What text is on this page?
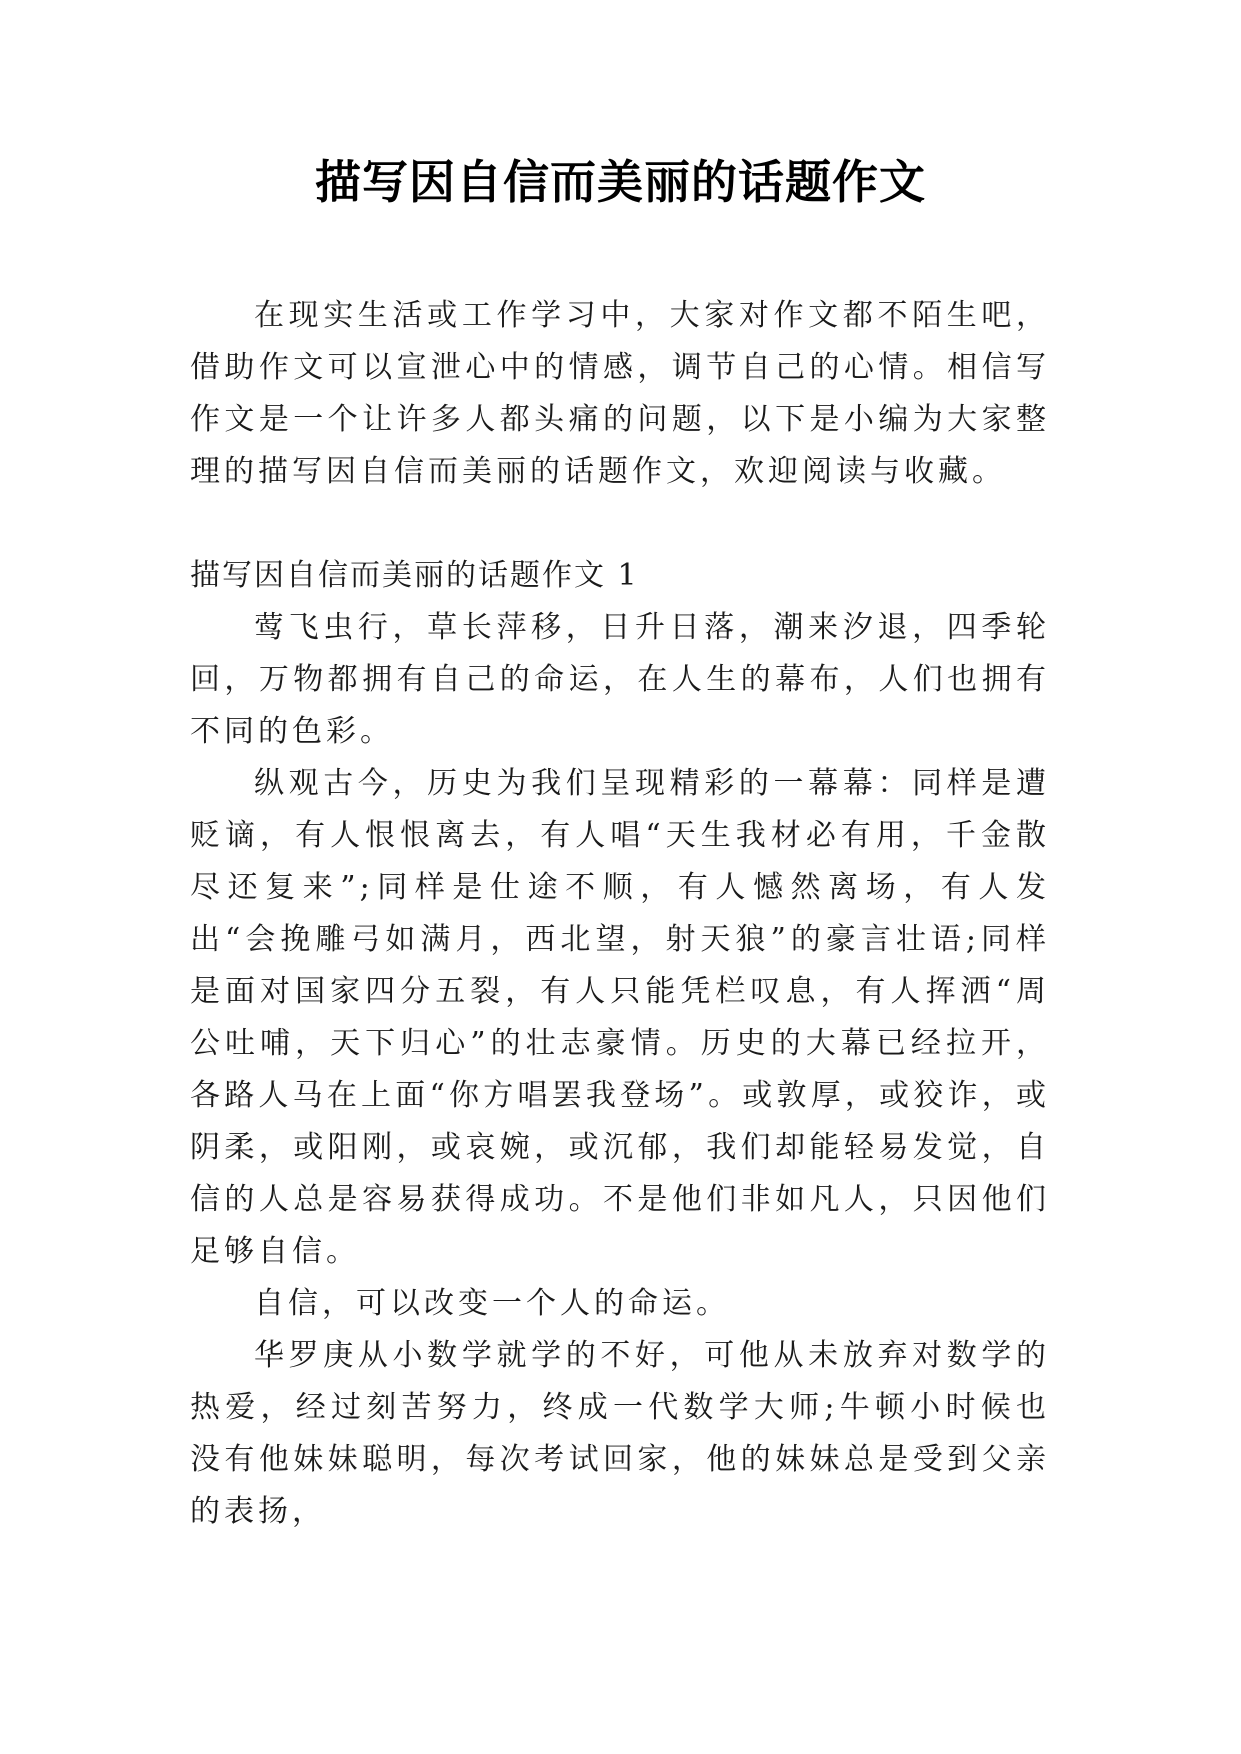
描写因自信而美丽的话题作文

在现实生活或工作学习中，大家对作文都不陌生吧，借助作文可以宣泄心中的情感，调节自己的心情。相信写作文是一个让许多人都头痛的问题，以下是小编为大家整理的描写因自信而美丽的话题作文，欢迎阅读与收藏。

描写因自信而美丽的话题作文 1

莺飞虫行，草长萍移，日升日落，潮来汐退，四季轮回，万物都拥有自己的命运，在人生的幕布，人们也拥有不同的色彩。

纵观古今，历史为我们呈现精彩的一幕幕：同样是遭贬谪，有人恨恨离去，有人唱“天生我材必有用，千金散尽还复来”;同样是仕途不顺，有人憾然离场，有人发出“会挽雕弓如满月，西北望，射天狼”的豪言壮语;同样是面对国家四分五裂，有人只能凭栏叹息，有人挥洒“周公吐哺，天下归心”的壮志豪情。历史的大幕已经拉开，各路人马在上面“你方唱罢我登场”。或敦厚，或狡诈，或阴柔，或阳刚，或哀婉，或沉郁，我们却能轻易发觉，自信的人总是容易获得成功。不是他们非如凡人，只因他们足够自信。

自信，可以改变一个人的命运。

华罗庚从小数学就学的不好，可他从未放弃对数学的热爱，经过刻苦努力，终成一代数学大师;牛顿小时候也没有他妹妹聪明，每次考试回家，他的妹妹总是受到父亲的表扬，
